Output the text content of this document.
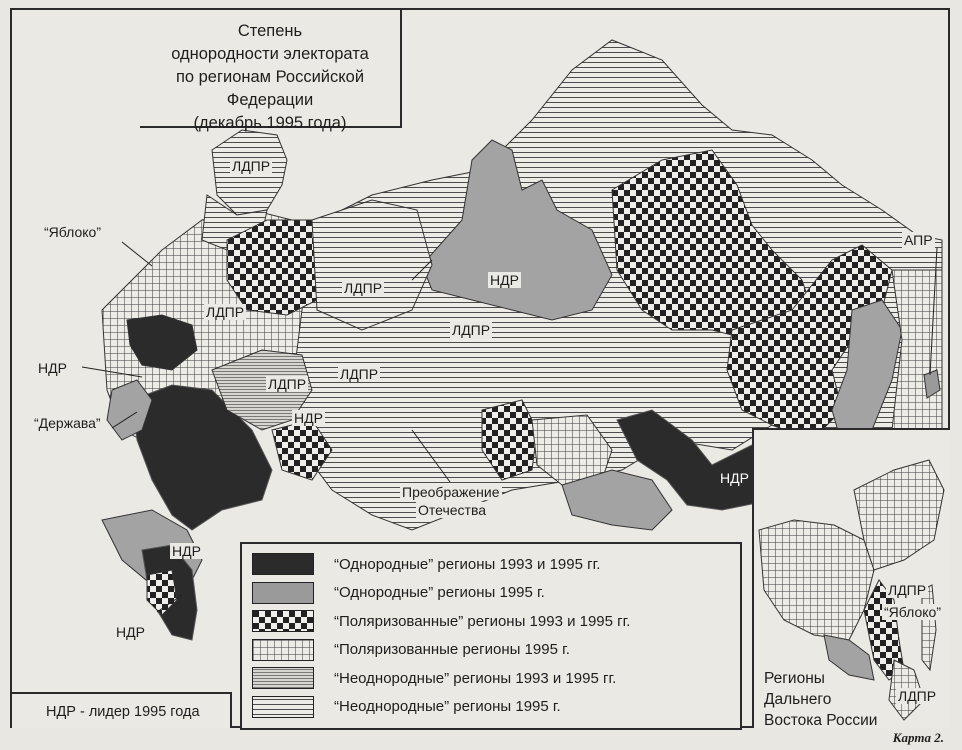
Степень
однородности электората
по регионам Российской Федерации
(декабрь 1995 года)
ЛДПР
“Яблоко”
ЛДПР
ЛДПР
НДР
ЛДПР
НДР
“Держава”
ЛДПР
ЛДПР
НДР
НДР
НДР
Преображение
Отечества
НДР
АПР
“Однородные” регионы 1993 и 1995 гг.
“Однородные” регионы 1995 г.
“Поляризованные” регионы 1993 и 1995 гг.
“Поляризованные регионы 1995 г.
“Неоднородные” регионы 1993 и 1995 гг.
“Неоднородные” регионы 1995 г.
НДР - лидер 1995 года
ЛДПР
“Яблоко”
ЛДПР
Регионы
Дальнего
Востока России
Карта 2.
